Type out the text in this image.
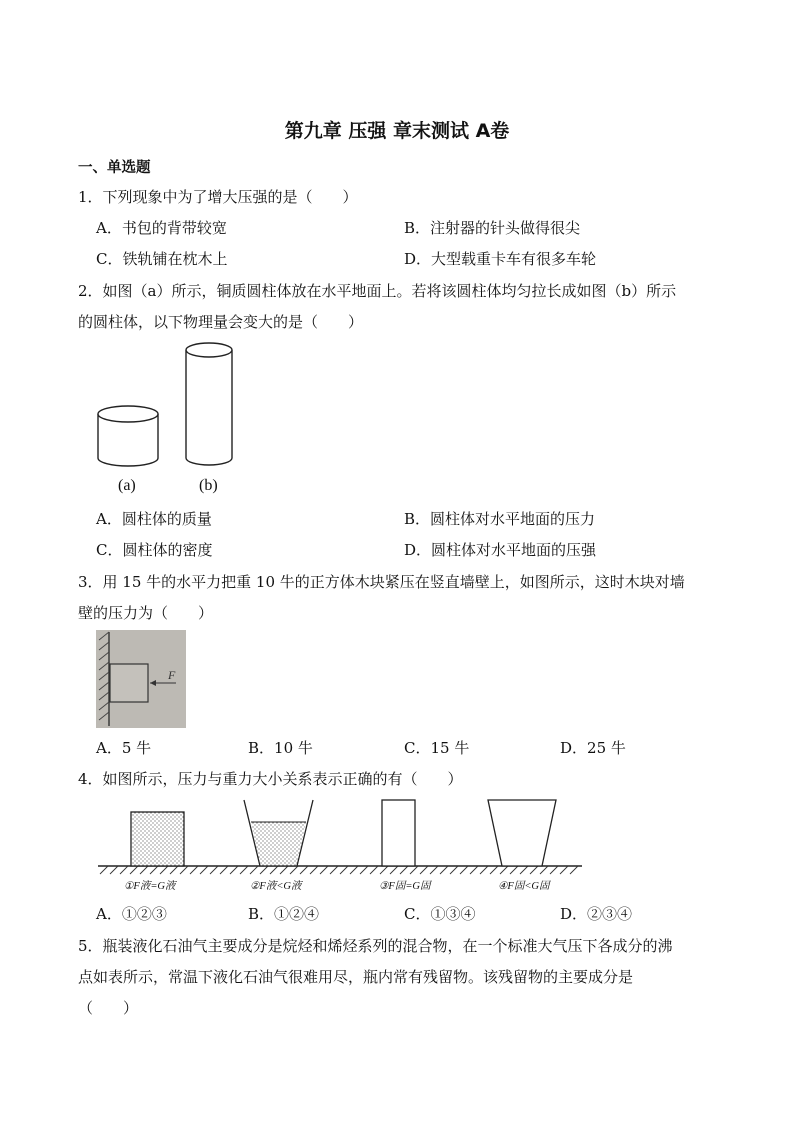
第九章 压强 章末测试 A卷
一、单选题
1．下列现象中为了增大压强的是（　　）
A．书包的背带较宽	B．注射器的针头做得很尖
C．铁轨铺在枕木上	D．大型载重卡车有很多车轮
2．如图（a）所示，铜质圆柱体放在水平地面上。若将该圆柱体均匀拉长成如图（b）所示
的圆柱体，以下物理量会变大的是（　　）
(a)	(b)
A．圆柱体的质量	B．圆柱体对水平地面的压力
C．圆柱体的密度	D．圆柱体对水平地面的压强
3．用 15 牛的水平力把重 10 牛的正方体木块紧压在竖直墙壁上，如图所示，这时木块对墙
壁的压力为（　　）
F
A．5 牛	B．10 牛	C．15 牛	D．25 牛
4．如图所示，压力与重力大小关系表示正确的有（　　）
①F液=G液	②F液<G液	③F固=G固	④F固<G固
A．①②③	B．①②④	C．①③④	D．②③④
5．瓶装液化石油气主要成分是烷烃和烯烃系列的混合物，在一个标准大气压下各成分的沸
点如表所示，常温下液化石油气很难用尽，瓶内常有残留物。该残留物的主要成分是
（　　）
